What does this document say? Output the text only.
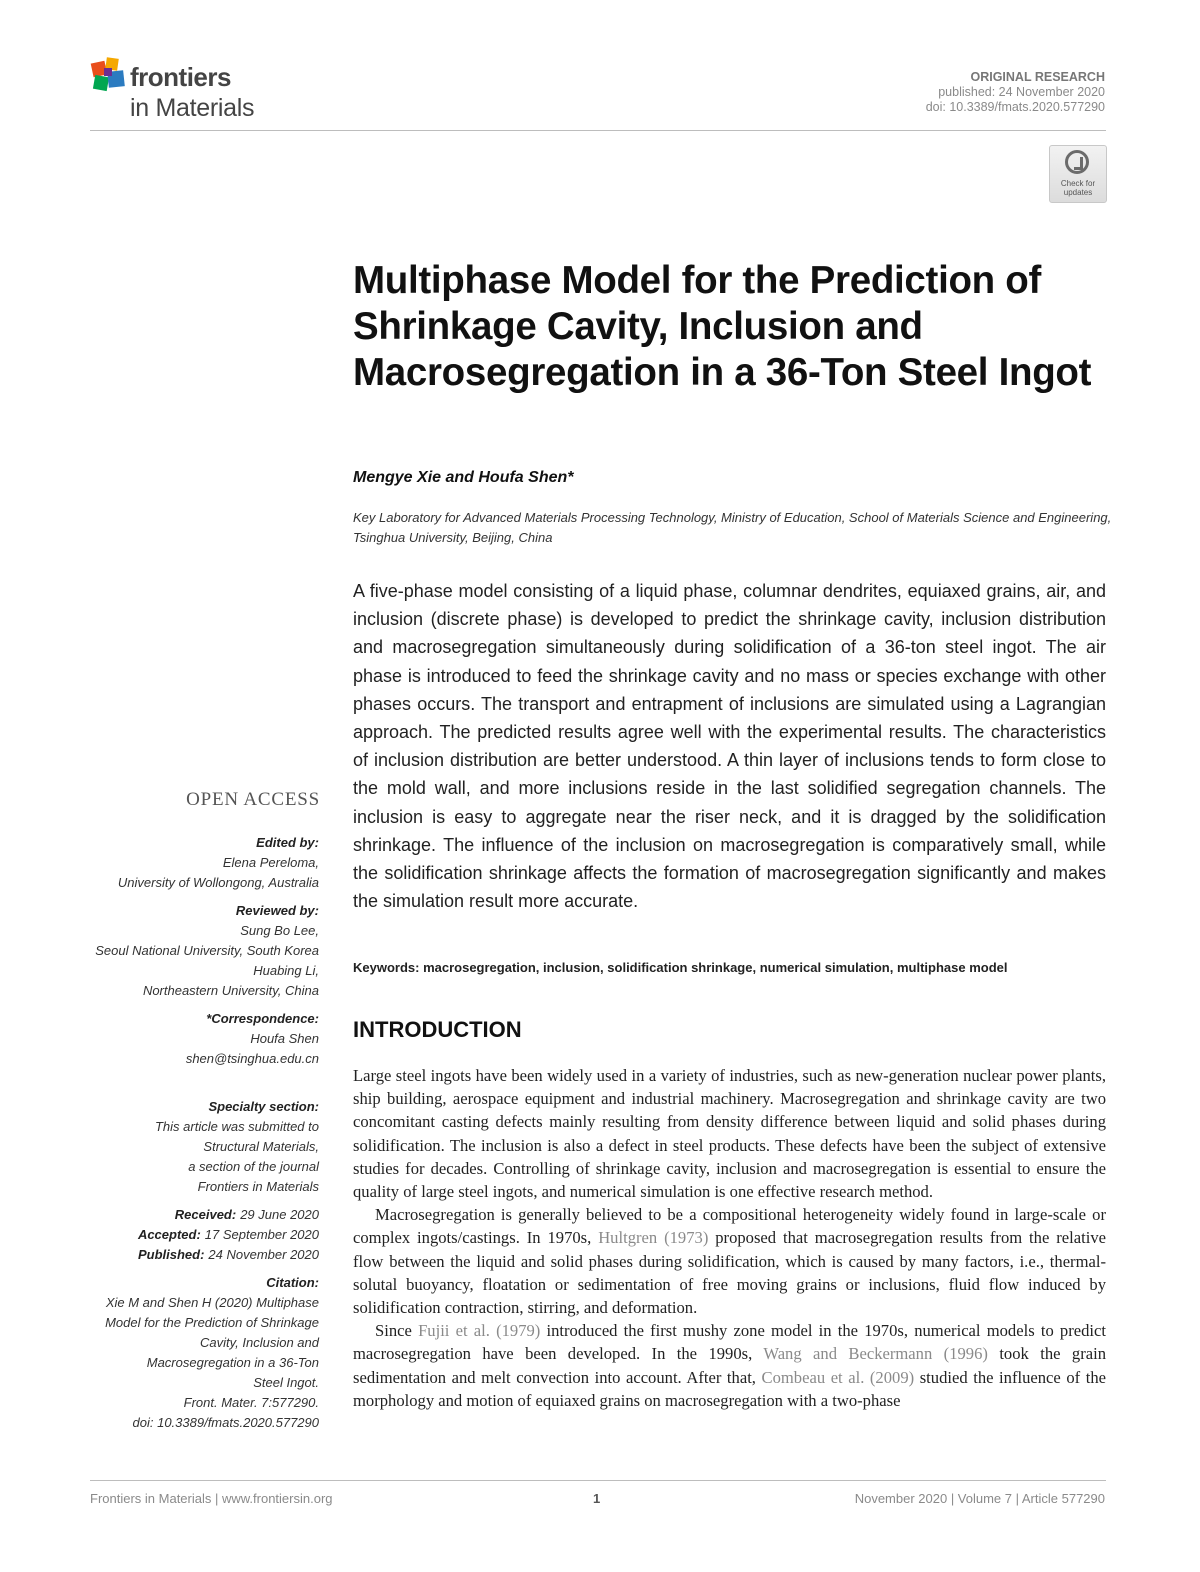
frontiers
in Materials
ORIGINAL RESEARCH
published: 24 November 2020
doi: 10.3389/fmats.2020.577290
Check for updates
Multiphase Model for the Prediction of Shrinkage Cavity, Inclusion and Macrosegregation in a 36-Ton Steel Ingot
Mengye Xie and Houfa Shen*
Key Laboratory for Advanced Materials Processing Technology, Ministry of Education, School of Materials Science and Engineering, Tsinghua University, Beijing, China
A five-phase model consisting of a liquid phase, columnar dendrites, equiaxed grains, air, and inclusion (discrete phase) is developed to predict the shrinkage cavity, inclusion distribution and macrosegregation simultaneously during solidification of a 36-ton steel ingot. The air phase is introduced to feed the shrinkage cavity and no mass or species exchange with other phases occurs. The transport and entrapment of inclusions are simulated using a Lagrangian approach. The predicted results agree well with the experimental results. The characteristics of inclusion distribution are better understood. A thin layer of inclusions tends to form close to the mold wall, and more inclusions reside in the last solidified segregation channels. The inclusion is easy to aggregate near the riser neck, and it is dragged by the solidification shrinkage. The influence of the inclusion on macrosegregation is comparatively small, while the solidification shrinkage affects the formation of macrosegregation significantly and makes the simulation result more accurate.
Keywords: macrosegregation, inclusion, solidification shrinkage, numerical simulation, multiphase model
INTRODUCTION

Large steel ingots have been widely used in a variety of industries, such as new-generation nuclear power plants, ship building, aerospace equipment and industrial machinery. Macrosegregation and shrinkage cavity are two concomitant casting defects mainly resulting from density difference between liquid and solid phases during solidification. The inclusion is also a defect in steel products. These defects have been the subject of extensive studies for decades. Controlling of shrinkage cavity, inclusion and macrosegregation is essential to ensure the quality of large steel ingots, and numerical simulation is one effective research method.

Macrosegregation is generally believed to be a compositional heterogeneity widely found in large-scale or complex ingots/castings. In 1970s, Hultgren (1973) proposed that macrosegregation results from the relative flow between the liquid and solid phases during solidification, which is caused by many factors, i.e., thermal-solutal buoyancy, floatation or sedimentation of free moving grains or inclusions, fluid flow induced by solidification contraction, stirring, and deformation.

Since Fujii et al. (1979) introduced the first mushy zone model in the 1970s, numerical models to predict macrosegregation have been developed. In the 1990s, Wang and Beckermann (1996) took the grain sedimentation and melt convection into account. After that, Combeau et al. (2009) studied the influence of the morphology and motion of equiaxed grains on macrosegregation with a two-phase

OPEN ACCESS
Edited by:
Elena Pereloma,
University of Wollongong, Australia
Reviewed by:
Sung Bo Lee,
Seoul National University, South Korea
Huabing Li,
Northeastern University, China
*Correspondence:
Houfa Shen
shen@tsinghua.edu.cn
Specialty section:
This article was submitted to
Structural Materials,
a section of the journal
Frontiers in Materials
Received: 29 June 2020
Accepted: 17 September 2020
Published: 24 November 2020
Citation:
Xie M and Shen H (2020) Multiphase
Model for the Prediction of Shrinkage
Cavity, Inclusion and
Macrosegregation in a 36-Ton
Steel Ingot.
Front. Mater. 7:577290.
doi: 10.3389/fmats.2020.577290
Frontiers in Materials | www.frontiersin.org	1	November 2020 | Volume 7 | Article 577290
